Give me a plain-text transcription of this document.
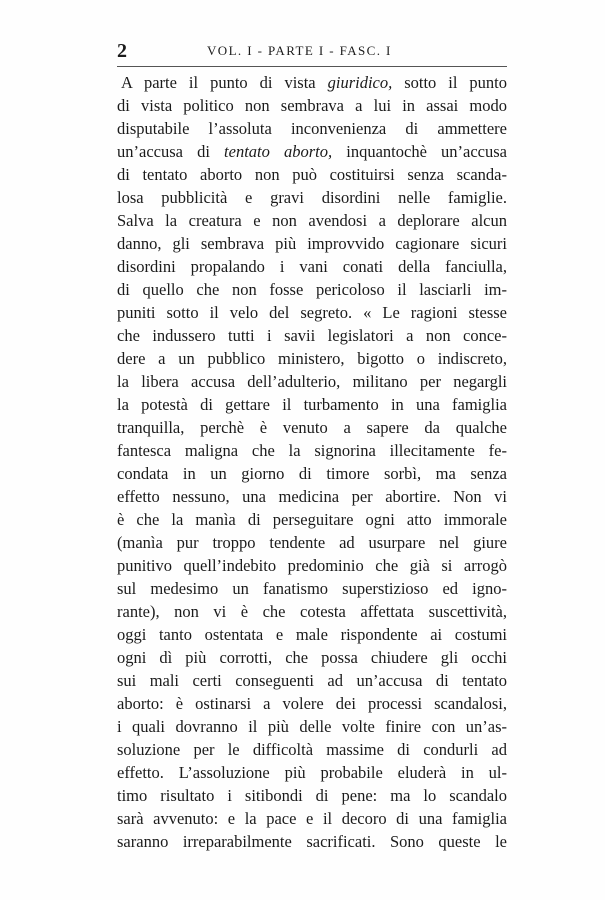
2	VOL. I - PARTE I - FASC. I
A parte il punto di vista giuridico, sotto il punto
di vista politico non sembrava a lui in assai modo
disputabile l’assoluta inconvenienza di ammettere
un’accusa di tentato aborto, inquantochè un’accusa
di tentato aborto non può costituirsi senza scanda-
losa pubblicità e gravi disordini nelle famiglie.
Salva la creatura e non avendosi a deplorare alcun
danno, gli sembrava più improvvido cagionare sicuri
disordini propalando i vani conati della fanciulla,
di quello che non fosse pericoloso il lasciarli im-
puniti sotto il velo del segreto. « Le ragioni stesse
che indussero tutti i savii legislatori a non conce-
dere a un pubblico ministero, bigotto o indiscreto,
la libera accusa dell’adulterio, militano per negargli
la potestà di gettare il turbamento in una famiglia
tranquilla, perchè è venuto a sapere da qualche
fantesca maligna che la signorina illecitamente fe-
condata in un giorno di timore sorbì, ma senza
effetto nessuno, una medicina per abortire. Non vi
è che la manìa di perseguitare ogni atto immorale
(manìa pur troppo tendente ad usurpare nel giure
punitivo quell’indebito predominio che già si arrogò
sul medesimo un fanatismo superstizioso ed igno-
rante), non vi è che cotesta affettata suscettività,
oggi tanto ostentata e male rispondente ai costumi
ogni dì più corrotti, che possa chiudere gli occhi
sui mali certi conseguenti ad un’accusa di tentato
aborto: è ostinarsi a volere dei processi scandalosi,
i quali dovranno il più delle volte finire con un’as-
soluzione per le difficoltà massime di condurli ad
effetto. L’assoluzione più probabile eluderà in ul-
timo risultato i sitibondi di pene: ma lo scandalo
sarà avvenuto: e la pace e il decoro di una famiglia
saranno irreparabilmente sacrificati. Sono queste le
